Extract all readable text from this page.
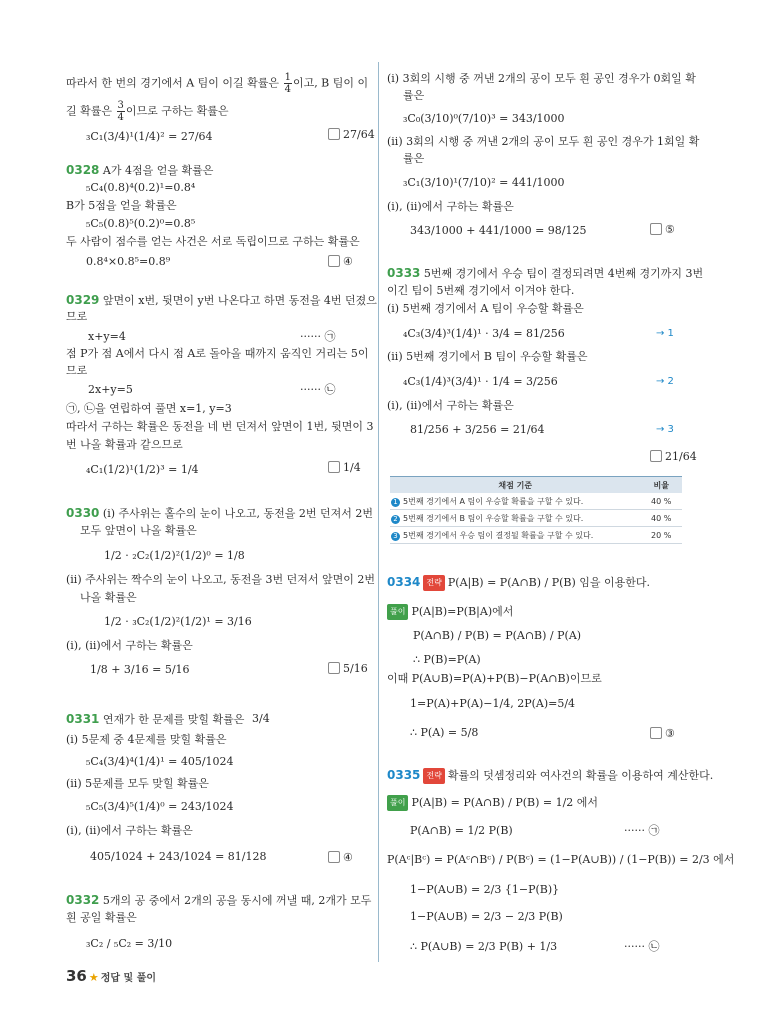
따라서 한 번의 경기에서 A 팀이 이길 확률은 $\frac{1}{4}$ 이고, B 팀이 이
길 확률은 $\frac{3}{4}$ 이므로 구하는 확률은
₃C₁(3/4)¹(1/4)² = 27/64	27/64
0328 A가 4점을 얻을 확률은
₅C₄(0.8)⁴(0.2)¹=0.8⁴
B가 5점을 얻을 확률은
₅C₅(0.8)⁵(0.2)⁰=0.8⁵
두 사람이 점수를 얻는 사건은 서로 독립이므로 구하는 확률은
0.8⁴×0.8⁵=0.8⁹	④
0329 앞면이 x번, 뒷면이 y번 나온다고 하면 동전을 4번 던졌으
므로
x+y=4	······ ㉠
점 P가 점 A에서 다시 점 A로 돌아올 때까지 움직인 거리는 5이
므로
2x+y=5	······ ㉡
㉠, ㉡을 연립하여 풀면 x=1, y=3
따라서 구하는 확률은 동전을 네 번 던져서 앞면이 1번, 뒷면이 3
번 나올 확률과 같으므로
₄C₁(1/2)¹(1/2)³ = 1/4	1/4
0330 (i) 주사위는 홀수의 눈이 나오고, 동전을 2번 던져서 2번
모두 앞면이 나올 확률은
1/2 · ₂C₂(1/2)²(1/2)⁰ = 1/8
(ii) 주사위는 짝수의 눈이 나오고, 동전을 3번 던져서 앞면이 2번
나올 확률은
1/2 · ₃C₂(1/2)²(1/2)¹ = 3/16
(i), (ii)에서 구하는 확률은
1/8 + 3/16 = 5/16	5/16
0331 연재가 한 문제를 맞힐 확률은 3/4
(i) 5문제 중 4문제를 맞힐 확률은
₅C₄(3/4)⁴(1/4)¹ = 405/1024
(ii) 5문제를 모두 맞힐 확률은
₅C₅(3/4)⁵(1/4)⁰ = 243/1024
(i), (ii)에서 구하는 확률은
405/1024 + 243/1024 = 81/128	④
0332 5개의 공 중에서 2개의 공을 동시에 꺼낼 때, 2개가 모두
흰 공일 확률은
₃C₂ / ₅C₂ = 3/10
(i) 3회의 시행 중 꺼낸 2개의 공이 모두 흰 공인 경우가 0회일 확
률은
₃C₀(3/10)⁰(7/10)³ = 343/1000
(ii) 3회의 시행 중 꺼낸 2개의 공이 모두 흰 공인 경우가 1회일 확
률은
₃C₁(3/10)¹(7/10)² = 441/1000
(i), (ii)에서 구하는 확률은
343/1000 + 441/1000 = 98/125	⑤
0333 5번째 경기에서 우승 팀이 결정되려면 4번째 경기까지 3번
이긴 팀이 5번째 경기에서 이겨야 한다.
(i) 5번째 경기에서 A 팀이 우승할 확률은
₄C₃(3/4)³(1/4)¹ · 3/4 = 81/256	→ 1
(ii) 5번째 경기에서 B 팀이 우승할 확률은
₄C₃(1/4)³(3/4)¹ · 1/4 = 3/256	→ 2
(i), (ii)에서 구하는 확률은
81/256 + 3/256 = 21/64	→ 3
21/64
채점 기준	비율
1 5번째 경기에서 A 팀이 우승할 확률을 구할 수 있다.	40 %
2 5번째 경기에서 B 팀이 우승할 확률을 구할 수 있다.	40 %
3 5번째 경기에서 우승 팀이 결정될 확률을 구할 수 있다.	20 %
0334 전략 P(A|B) = P(A∩B) / P(B) 임을 이용한다.
풀이 P(A|B)=P(B|A)에서
P(A∩B) / P(B) = P(A∩B) / P(A)
∴ P(B)=P(A)
이때 P(A∪B)=P(A)+P(B)−P(A∩B)이므로
1=P(A)+P(A)−1/4, 2P(A)=5/4
∴ P(A) = 5/8	③
0335 전략 확률의 덧셈정리와 여사건의 확률을 이용하여 계산한다.
풀이 P(A|B) = P(A∩B) / P(B) = 1/2 에서
P(A∩B) = 1/2 P(B)	······ ㉠
P(Aᶜ|Bᶜ) = P(Aᶜ∩Bᶜ) / P(Bᶜ) = (1−P(A∪B)) / (1−P(B)) = 2/3 에서
1−P(A∪B) = 2/3 {1−P(B)}
1−P(A∪B) = 2/3 − 2/3 P(B)
∴ P(A∪B) = 2/3 P(B) + 1/3	······ ㉡
36 ★ 정답 및 풀이
